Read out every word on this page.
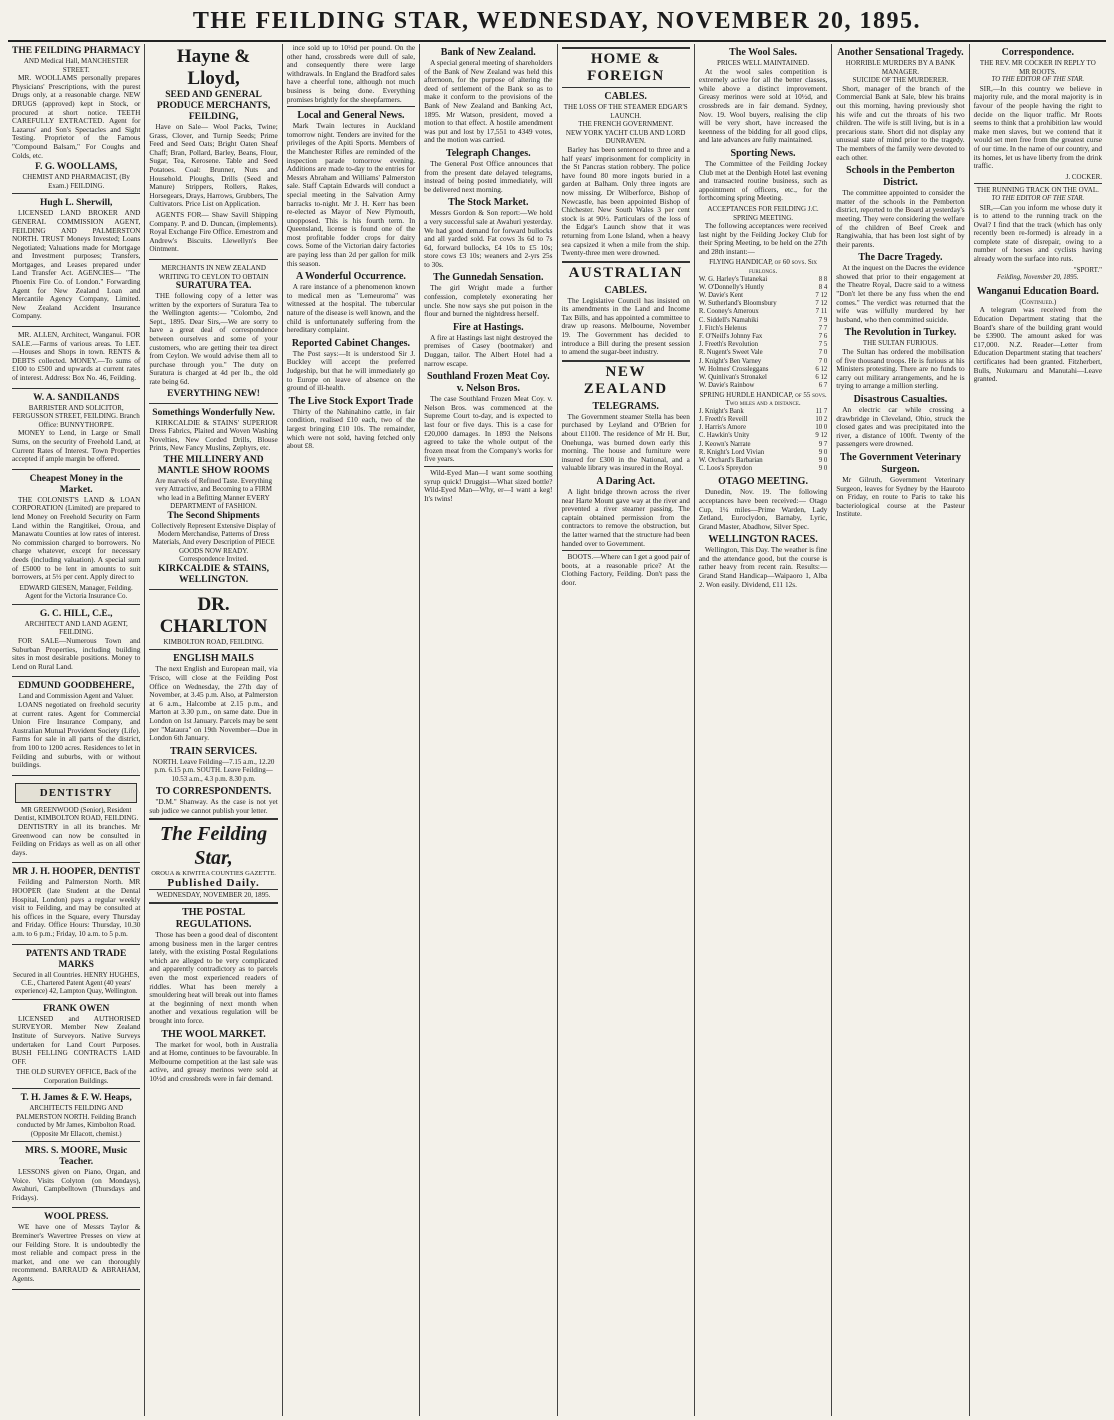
THE FEILDING STAR, WEDNESDAY, NOVEMBER 20, 1895.
THE FEILDING PHARMACY
AND Medical Hall, MANCHESTER STREET.

MR. WOOLLAMS personally prepares Physicians' Prescriptions, with the purest Drugs only, at a reasonable charge. NEW DRUGS (approved) kept in Stock, or procured at short notice. TEETH CAREFULLY EXTRACTED. Agent for Lazarus' and Son's Spectacles and Sight Testing. Proprietor of the Famous "Compound Balsam," For Coughs and Colds, etc.

F. G. WOOLLAMS,
CHEMIST AND PHARMACIST, (By Exam.) FEILDING.
Hugh L. Sherwill,

LICENSED LAND BROKER AND GENERAL COMMISSION AGENT, FEILDING AND PALMERSTON NORTH. TRUST Moneys Invested; Loans Negotiated; Valuations made for Mortgage and Investment purposes; Transfers, Mortgages, and Leases prepared under Land Transfer Act. AGENCIES— "The Phoenix Fire Co. of London." Forwarding Agent for New Zealand Loan and Mercantile Agency Company, Limited. New Zealand Accident Insurance Company.

MR. ALLEN, Architect, Wanganui. FOR SALE.—Farms of various areas. To LET.—Houses and Shops in town. RENTS & DEBTS collected. MONEY.—To sums of £100 to £500 and upwards at current rates of interest. Address: Box No. 46, Feilding.

W. A. SANDILANDS
BARRISTER AND SOLICITOR, FERGUSSON STREET, FEILDING. Branch Office: BUNNYTHORPE.

MONEY to Lend, in Large or Small Sums, on the security of Freehold Land, at Current Rates of Interest. Town Properties accepted if ample margin be offered.

Cheapest Money in the Market.

THE COLONIST'S LAND & LOAN CORPORATION (Limited) are prepared to lend Money on Freehold Security on Farm Land within the Rangitikei, Oroua, and Manawatu Counties at low rates of interest. No commission charged to borrowers. No charge whatever, except for necessary deeds (including valuation). A special sum of £5000 to be lent in amounts to suit borrowers, at 5½ per cent. Apply direct to

EDWARD GIESEN, Manager, Feilding.
Agent for the Victoria Insurance Co.
G. C. HILL, C.E.,
ARCHITECT AND LAND AGENT, FEILDING.

FOR SALE—Numerous Town and Suburban Properties, including building sites in most desirable positions. Money to Lend on Rural Land.

EDMUND GOODBEHERE,
Land and Commission Agent and Valuer.

LOANS negotiated on freehold security at current rates. Agent for Commercial Union Fire Insurance Company, and Australian Mutual Provident Society (Life). Farms for sale in all parts of the district, from 100 to 1200 acres. Residences to let in Feilding and suburbs, with or without buildings.

DENTISTRY
MR GREENWOOD (Senior), Resident Dentist, KIMBOLTON ROAD, FEILDING.

DENTISTRY in all its branches. Mr Greenwood can now be consulted in Feilding on Fridays as well as on all other days.

MR J. H. HOOPER, DENTIST

Feilding and Palmerston North. MR HOOPER (late Student at the Dental Hospital, London) pays a regular weekly visit to Feilding, and may be consulted at his offices in the Square, every Thursday and Friday. Office Hours: Thursday, 10.30 a.m. to 6 p.m.; Friday, 10 a.m. to 5 p.m.

PATENTS AND TRADE MARKS
Secured in all Countries. HENRY HUGHES, C.E., Chartered Patent Agent (40 years' experience) 42, Lampton Quay, Wellington.
FRANK OWEN

LICENSED and AUTHORISED SURVEYOR. Member New Zealand Institute of Surveyors. Native Surveys undertaken for Land Court Purposes. BUSH FELLING CONTRACTS LAID OFF.

THE OLD SURVEY OFFICE, Back of the Corporation Buildings.
T. H. James & F. W. Heaps,
ARCHITECTS FEILDING AND PALMERSTON NORTH. Feilding Branch conducted by Mr James, Kimbolton Road. (Opposite Mr Ellacott, chemist.)
MRS. S. MOORE, Music Teacher.

LESSONS given on Piano, Organ, and Voice. Visits Colyton (on Mondays), Awahuri, Campbelltown (Thursdays and Fridays).

WOOL PRESS.

WE have one of Messrs Taylor & Breminer's Wavertree Presses on view at our Feilding Store. It is undoubtedly the most reliable and compact press in the market, and one we can thoroughly recommend. BARRAUD & ABRAHAM, Agents.

Hayne & Lloyd,
SEED AND GENERAL PRODUCE MERCHANTS, FEILDING,

Have on Sale— Wool Packs, Twine; Grass, Clover, and Turnip Seeds; Prime Feed and Seed Oats; Bright Oaten Sheaf Chaff; Bran, Pollard, Barley, Beans, Flour, Sugar, Tea, Kerosene. Table and Seed Potatoes. Coal: Brunner, Nuts and Household. Ploughs, Drills (Seed and Manure) Strippers, Rollers, Rakes, Horsegears, Drays, Harrows, Grubbers, The Cultivators. Price List on Application.

AGENTS FOR— Shaw Savill Shipping Company. P. and D. Duncan, (implements). Royal Exchange Fire Office. Ernestrom and Andrew's Biscuits. Llewellyn's Bee Ointment.

MERCHANTS IN NEW ZEALAND WRITING TO CEYLON TO OBTAIN
SURATURA TEA.

THE following copy of a letter was written by the exporters of Suratura Tea to the Wellington agents:— "Colombo, 2nd Sept., 1895. Dear Sirs,—We are sorry to have a great deal of correspondence between ourselves and some of your customers, who are getting their tea direct from Ceylon. We would advise them all to purchase through you." The duty on Suratura is charged at 4d per lb., the old rate being 6d.

EVERYTHING NEW!
Somethings Wonderfully New.

KIRKCALDIE & STAINS' SUPERIOR Dress Fabrics, Plaited and Woven Washing Novelties, New Corded Drills, Blouse Prints, New Fancy Muslins, Zephyrs, etc.

THE MILLINERY AND MANTLE SHOW ROOMS
Are marvels of Refined Taste. Everything very Attractive, and Becoming to a FIRM who lead in a Befitting Manner EVERY DEPARTMENT of FASHION.
The Second Shipments
Collectively Represent Extensive Display of Modern Merchandise, Patterns of Dress Materials, And every Description of PIECE GOODS NOW READY.
Correspondence Invited.
KIRKCALDIE & STAINS, WELLINGTON.
DR. CHARLTON
KIMBOLTON ROAD, FEILDING.
ENGLISH MAILS

The next English and European mail, via 'Frisco, will close at the Feilding Post Office on Wednesday, the 27th day of November, at 3.45 p.m. Also, at Palmerston at 6 a.m., Halcombe at 2.15 p.m., and Marton at 3.30 p.m., on same date. Due in London on 1st January. Parcels may be sent per "Mataura" on 19th November—Due in London 6th January.

TRAIN SERVICES.
NORTH. Leave Feilding—7.15 a.m., 12.20 p.m. 6.15 p.m. SOUTH. Leave Feilding—10.53 a.m., 4.3 p.m. 8.30 p.m.
TO CORRESPONDENTS.

"D.M." Shanway. As the case is not yet sub judice we cannot publish your letter.

The Feilding Star,
OROUA & KIWITEA COUNTIES GAZETTE.
Published Daily.
WEDNESDAY, NOVEMBER 20, 1895.
THE POSTAL REGULATIONS.

Those has been a good deal of discontent among business men in the larger centres lately, with the existing Postal Regulations which are alleged to be very complicated and apparently contradictory as to parcels even the most experienced readers of riddles. What has been merely a smouldering heat will break out into flames at the beginning of next month when another and vexatious regulation will be brought into force.

THE WOOL MARKET.

The market for wool, both in Australia and at Home, continues to be favourable. In Melbourne competition at the last sale was active, and greasy merinos were sold at 10½d and crossbreds were in fair demand.

ince sold up to 10½d per pound. On the other hand, crossbreds were dull of sale, and consequently there were large withdrawals. In England the Bradford sales have a cheerful tone, although not much business is being done. Everything promises brightly for the sheepfarmers.

Local and General News.

Mark Twain lectures in Auckland tomorrow night. Tenders are invited for the privileges of the Apiti Sports. Members of the Manchester Rifles are reminded of the inspection parade tomorrow evening. Additions are made to-day to the entries for Messrs Abraham and Williams' Palmerston sale. Staff Captain Edwards will conduct a special meeting in the Salvation Army barracks to-night. Mr J. H. Kerr has been re-elected as Mayor of New Plymouth, unopposed. This is his fourth term. In Queensland, license is found one of the most profitable fodder crops for dairy cows. Some of the Victorian dairy factories are paying less than 2d per gallon for milk this season.

A Wonderful Occurrence.

A rare instance of a phenomenon known to medical men as "Lemeuroma" was witnessed at the hospital. The tubercular nature of the disease is well known, and the child is unfortunately suffering from the hereditary complaint.

Reported Cabinet Changes.

The Post says:—It is understood Sir J. Buckley will accept the preferred Judgeship, but that he will immediately go to Europe on leave of absence on the ground of ill-health.

The Live Stock Export Trade

Thirty of the Nahinahino cattle, in fair condition, realised £10 each, two of the largest bringing £10 10s. The remainder, which were not sold, having fetched only about £8.

Bank of New Zealand.

A special general meeting of shareholders of the Bank of New Zealand was held this afternoon, for the purpose of altering the deed of settlement of the Bank so as to make it conform to the provisions of the Bank of New Zealand and Banking Act, 1895. Mr Watson, president, moved a motion to that effect. A hostile amendment was put and lost by 17,551 to 4349 votes, and the motion was carried.

Telegraph Changes.

The General Post Office announces that from the present date delayed telegrams, instead of being posted immediately, will be delivered next morning.

The Stock Market.

Messrs Gordon & Son report:—We hold a very successful sale at Awahuri yesterday. We had good demand for forward bullocks and all yarded sold. Fat cows 3s 6d to 7s 6d, forward bullocks, £4 10s to £5 10s; store cows £3 10s; weaners and 2-yrs 25s to 30s.

The Gunnedah Sensation.

The girl Wright made a further confession, completely exonerating her uncle. She now says she put poison in the flour and burned the nightdress herself.

Fire at Hastings.

A fire at Hastings last night destroyed the premises of Casey (bootmaker) and Duggan, tailor. The Albert Hotel had a narrow escape.

Southland Frozen Meat Coy. v. Nelson Bros.

The case Southland Frozen Meat Coy. v. Nelson Bros. was commenced at the Supreme Court to-day, and is expected to last four or five days. This is a case for £20,000 damages. In 1893 the Nelsons agreed to take the whole output of the frozen meat from the Company's works for five years.

Wild-Eyed Man—I want some soothing syrup quick! Druggist—What sized bottle? Wild-Eyed Man—Why, er—I want a keg! It's twins!

HOME & FOREIGN
CABLES.
THE LOSS OF THE STEAMER EDGAR'S LAUNCH.
THE FRENCH GOVERNMENT.
NEW YORK YACHT CLUB AND LORD DUNRAVEN.

Barley has been sentenced to three and a half years' imprisonment for complicity in the St Pancras station robbery. The police have found 80 more ingots buried in a garden at Balham. Only three ingots are now missing. Dr Wilberforce, Bishop of Newcastle, has been appointed Bishop of Chichester. New South Wales 3 per cent stock is at 90½. Particulars of the loss of the Edgar's Launch show that it was returning from Lone Island, when a heavy sea capsized it when a mile from the ship. Twenty-three men were drowned.

AUSTRALIAN
CABLES.

The Legislative Council has insisted on its amendments in the Land and Income Tax Bills, and has appointed a committee to draw up reasons. Melbourne, November 19. The Government has decided to introduce a Bill during the present session to amend the sugar-beet industry.

NEW ZEALAND
TELEGRAMS.

The Government steamer Stella has been purchased by Leyland and O'Brien for about £1100. The residence of Mr H. Bur, Onehunga, was burned down early this morning. The house and furniture were insured for £300 in the National, and a valuable library was insured in the Royal.

A Daring Act.

A light bridge thrown across the river near Harte Mount gave way at the river and prevented a river steamer passing. The captain obtained permission from the contractors to remove the obstruction, but the latter warned that the structure had been handed over to Government.

BOOTS.—Where can I get a good pair of boots, at a reasonable price? At the Clothing Factory, Feilding. Don't pass the door.

The Wool Sales.
PRICES WELL MAINTAINED.

At the wool sales competition is extremely active for all the better classes, while above a distinct improvement. Greasy merinos were sold at 10½d, and crossbreds are in fair demand. Sydney, Nov. 19. Wool buyers, realising the clip will be very short, have increased the keenness of the bidding for all good clips, and late advances are fully maintained.

Sporting News.

The Committee of the Feilding Jockey Club met at the Denbigh Hotel last evening and transacted routine business, such as appointment of officers, etc., for the forthcoming spring Meeting.

ACCEPTANCES FOR FEILDING J.C. SPRING MEETING.

The following acceptances were received last night by the Feilding Jockey Club for their Spring Meeting, to be held on the 27th and 28th instant:—

FLYING HANDICAP, of 60 sovs. Six furlongs.
W. G. Harley's Tutanekai	8 8
W. O'Donnelly's Huntly	8 4
W. Davie's Kent	7 12
W. Sutherland's Bloomsbury	7 12
R. Cooney's Ameroux	7 11
C. Siddell's Namahiki	7 9
J. Fitch's Helenus	7 7
F. O'Neill's Johnny Fax	7 6
J. Freeth's Revolution	7 5
R. Nugent's Sweet Vale	7 0
J. Knight's Ben Varney	7 0
W. Holmes' Crossleggans	6 12
W. Quinlivan's Stronakel	6 12
W. Davie's Rainbow	6 7
SPRING HURDLE HANDICAP, of 55 sovs. Two miles and a distance.
J. Knight's Bank	11 7
J. Freeth's Reveill	10 2
J. Harris's Amore	10 0
C. Hawkin's Unity	9 12
J. Keown's Narrate	9 7
R. Knight's Lord Vivian	9 0
W. Orchard's Barbarian	9 0
C. Loos's Spreydon	9 0
OTAGO MEETING.

Dunedin, Nov. 19. The following acceptances have been received:— Otago Cup, 1¼ miles—Prime Warden, Lady Zetland, Euroclydon, Barnaby, Lyric, Grand Master, Abadhow, Silver Spec.

WELLINGTON RACES.

Wellington, This Day. The weather is fine and the attendance good, but the course is rather heavy from recent rain. Results:— Grand Stand Handicap—Waipaoro 1, Alba 2. Won easily. Dividend, £11 12s.

Another Sensational Tragedy.
HORRIBLE MURDERS BY A BANK MANAGER.
SUICIDE OF THE MURDERER.

Short, manager of the branch of the Commercial Bank at Sale, blew his brains out this morning, having previously shot his wife and cut the throats of his two children. The wife is still living, but is in a precarious state. Short did not display any unusual state of mind prior to the tragedy. The members of the family were devoted to each other.

Schools in the Pemberton District.

The committee appointed to consider the matter of the schools in the Pemberton district, reported to the Board at yesterday's meeting. They were considering the welfare of the children of Beef Creek and Rangiwahia, that has been lost sight of by their parents.

The Dacre Tragedy.

At the inquest on the Dacres the evidence showed that prior to their engagement at the Theatre Royal, Dacre said to a witness "Don't let there be any fuss when the end comes." The verdict was returned that the wife was wilfully murdered by her husband, who then committed suicide.

The Revolution in Turkey.
THE SULTAN FURIOUS.

The Sultan has ordered the mobilisation of five thousand troops. He is furious at his Ministers protesting. There are no funds to carry out military arrangements, and he is trying to arrange a million sterling.

Disastrous Casualties.

An electric car while crossing a drawbridge in Cleveland, Ohio, struck the closed gates and was precipitated into the river, a distance of 100ft. Twenty of the passengers were drowned.

The Government Veterinary Surgeon.

Mr Gilruth, Government Veterinary Surgeon, leaves for Sydney by the Hauroto on Friday, en route to Paris to take his bacteriological course at the Pasteur Institute.

Correspondence.
THE REV. MR COCKER IN REPLY TO MR ROOTS.
TO THE EDITOR OF THE STAR.

SIR,—In this country we believe in majority rule, and the moral majority is in favour of the people having the right to decide on the liquor traffic. Mr Roots seems to think that a prohibition law would make men slaves, but we contend that it would set men free from the greatest curse of our time. In the name of our country, and its homes, let us have liberty from the drink traffic.

J. COCKER.
THE RUNNING TRACK ON THE OVAL.
TO THE EDITOR OF THE STAR.

SIR,—Can you inform me whose duty it is to attend to the running track on the Oval? I find that the track (which has only recently been re-formed) is already in a complete state of disrepair, owing to a number of horses and cyclists having already worn the surface into ruts.

"SPORT."
Feilding, November 20, 1895.
Wanganui Education Board.
(Continued.)

A telegram was received from the Education Department stating that the Board's share of the building grant would be £3900. The amount asked for was £17,000. N.Z. Reader—Letter from Education Department stating that teachers' certificates had been granted. Fitzherbert, Bulls, Nukumaru and Manutahi—Leave granted.
